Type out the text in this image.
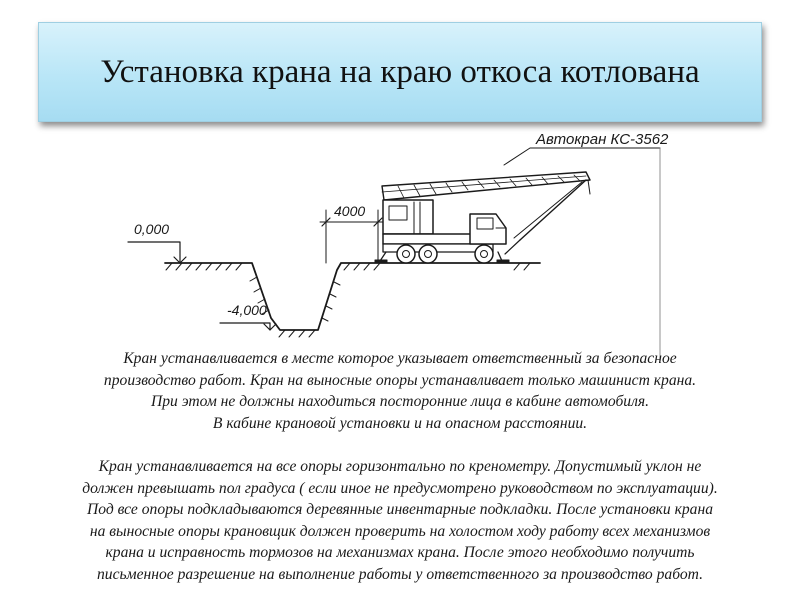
Установка крана на краю откоса котлована
0,000
-4,000
4000
Автокран КС-3562
Кран устанавливается в месте которое указывает ответственный за безопасное
производство работ. Кран на выносные опоры устанавливает только машинист крана.
При этом не должны находиться посторонние лица в кабине автомобиля.
В кабине крановой установки и на опасном расстоянии.
Кран устанавливается на все опоры горизонтально по кренометру. Допустимый уклон не
должен превышать пол градуса ( если иное не предусмотрено руководством по эксплуатации).
Под все опоры подкладываются деревянные инвентарные подкладки. После установки крана
на выносные опоры крановщик должен проверить на холостом ходу работу всех механизмов
крана и исправность тормозов на механизмах крана. После этого необходимо получить
письменное разрешение на выполнение работы у ответственного за производство работ.
